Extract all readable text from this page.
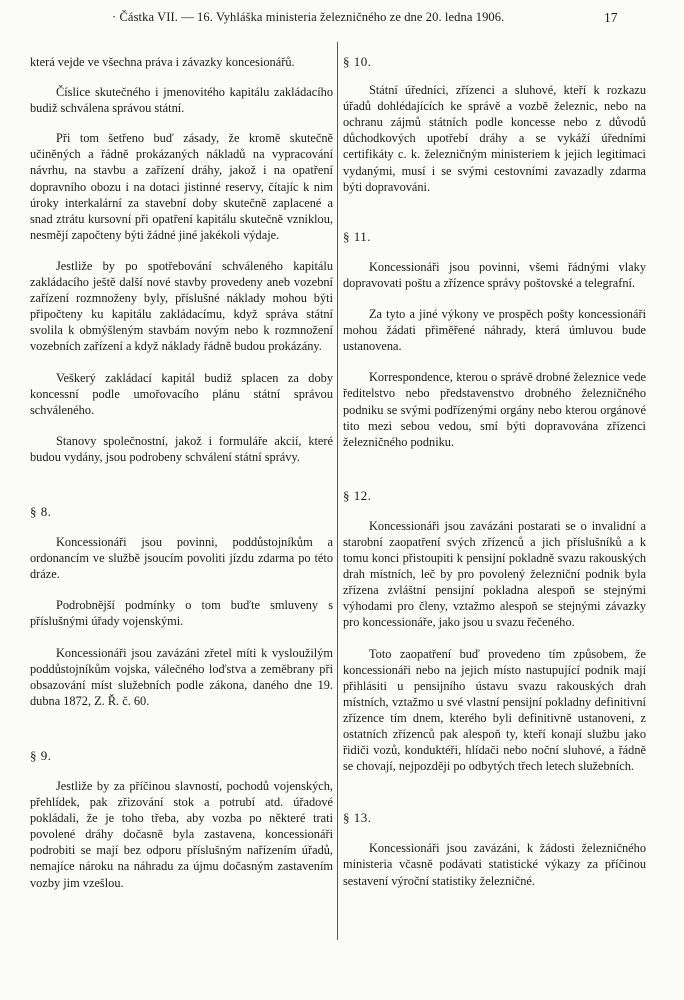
· Částka VII. — 16. Vyhláška ministeria železničného ze dne 20. ledna 1906.	17

která vejde ve všechna práva i závazky koncesionářů.

Číslice skutečného i jmenovitého kapitálu zakládacího budiž schválena správou státní.

Při tom šetřeno buď zásady, že kromě skutečně učiněných a řádně prokázaných nákladů na vypracování návrhu, na stavbu a zařízení dráhy, jakož i na opatření dopravního obozu i na dotaci jistinné reservy, čítajíc k nim úroky interkalární za stavební doby skutečně zaplacené a snad ztrátu kursovní při opatření kapitálu skutečně vzniklou, nesmějí započteny býti žádné jiné jakékoli výdaje.

Jestliže by po spotřebování schváleného kapitálu zakládacího ještě další nové stavby provedeny aneb vozební zařízení rozmnoženy byly, příslušné náklady mohou býti připočteny ku kapitálu zakládacímu, když správa státní svolila k obmýšleným stavbám novým nebo k rozmnožení vozebních zařízení a když náklady řádně budou prokázány.

Veškerý zakládací kapitál budiž splacen za doby koncessní podle umořovacího plánu státní správou schváleného.

Stanovy společnostní, jakož i formuláře akcií, které budou vydány, jsou podrobeny schválení státní správy.

§ 8.

Koncessionáři jsou povinni, poddůstojníkům a ordonancím ve službě jsoucím povoliti jízdu zdarma po této dráze.

Podrobnější podmínky o tom buďte smluveny s příslušnými úřady vojenskými.

Koncessionáři jsou zavázáni zřetel míti k vysloužilým poddůstojníkům vojska, válečného loďstva a zeměbrany při obsazování míst služebních podle zákona, daného dne 19. dubna 1872, Z. Ř. č. 60.

§ 9.

Jestliže by za příčinou slavností, pochodů vojenských, přehlídek, pak zřizování stok a potrubí atd. úřadové pokládali, že je toho třeba, aby vozba po některé trati povolené dráhy dočasně byla zastavena, koncessionáři podrobiti se mají bez odporu příslušným nařízením úřadů, nemajíce nároku na náhradu za újmu dočasným zastavením vozby jim vzešlou.

§ 10.

Státní úředníci, zřízenci a sluhové, kteří k rozkazu úřadů dohlédajících ke správě a vozbě železnic, nebo na ochranu zájmů státních podle koncesse nebo z důvodů důchodkových upotřebí dráhy a se vykáží úředními certifikáty c. k. železničným ministeriem k jejich legitimaci vydanými, musí i se svými cestovními zavazadly zdarma býti dopravováni.

§ 11.

Koncessionáři jsou povinni, všemi řádnými vlaky dopravovati poštu a zřízence správy poštovské a telegrafní.

Za tyto a jiné výkony ve prospěch pošty koncessionáři mohou žádati přiměřené náhrady, která úmluvou bude ustanovena.

Korrespondence, kterou o správě drobné železnice vede ředitelstvo nebo představenstvo drobného železničného podniku se svými podřízenými orgány nebo kterou orgánové tito mezi sebou vedou, smí býti dopravována zřízenci železničného podniku.

§ 12.

Koncessionáři jsou zavázáni postarati se o invalidní a starobní zaopatření svých zřízenců a jich příslušníků a k tomu konci přistoupiti k pensijní pokladně svazu rakouských drah místních, leč by pro povolený železniční podnik byla zřízena zvláštní pensijní pokladna alespoň se stejnými výhodami pro členy, vztažmo alespoň se stejnými závazky pro koncessionáře, jako jsou u svazu řečeného.

Toto zaopatření buď provedeno tím způsobem, že koncessionáři nebo na jejich místo nastupující podnik mají přihlásiti u pensijního ústavu svazu rakouských drah místních, vztažmo u své vlastní pensijní pokladny definitivní zřízence tím dnem, kterého byli definitivně ustanoveni, z ostatních zřízenců pak alespoň ty, kteří konají službu jako řidiči vozů, konduktéři, hlídači nebo noční sluhové, a řádně se chovají, nejpozději po odbytých třech letech služebních.

§ 13.

Koncessionáři jsou zavázáni, k žádosti železničného ministeria včasně podávati statistické výkazy za příčinou sestavení výroční statistiky železničné.
